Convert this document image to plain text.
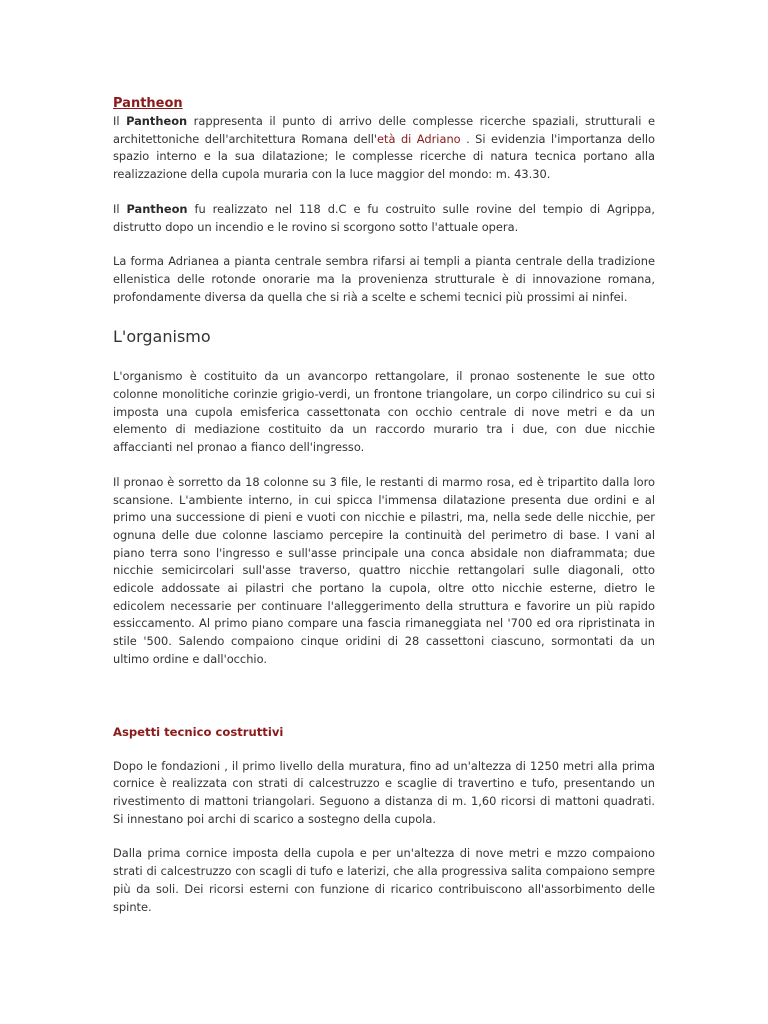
Pantheon

Il Pantheon rappresenta il punto di arrivo delle complesse ricerche spaziali, strutturali e architettoniche dell'architettura Romana dell'età di Adriano . Si evidenzia l'importanza dello spazio interno e la sua dilatazione; le complesse ricerche di natura tecnica portano alla realizzazione della cupola muraria con la luce maggior del mondo: m. 43.30.

Il Pantheon fu realizzato nel 118 d.C e fu costruito sulle rovine del tempio di Agrippa, distrutto dopo un incendio e le rovino si scorgono sotto l'attuale opera.

La forma Adrianea a pianta centrale sembra rifarsi ai templi a pianta centrale della tradizione ellenistica delle rotonde onorarie ma la provenienza strutturale è di innovazione romana, profondamente diversa da quella che si rià a scelte e schemi tecnici più prossimi ai ninfei.

L'organismo

L'organismo è costituito da un avancorpo rettangolare, il pronao sostenente le sue otto colonne monolitiche corinzie grigio-verdi, un frontone triangolare, un corpo cilindrico su cui si imposta una cupola emisferica cassettonata con occhio centrale di nove metri e da un elemento di mediazione costituito da un raccordo murario tra i due, con due nicchie affaccianti nel pronao a fianco dell'ingresso.

Il pronao è sorretto da 18 colonne su 3 file, le restanti di marmo rosa, ed è tripartito dalla loro scansione. L'ambiente interno, in cui spicca l'immensa dilatazione presenta due ordini e al primo una successione di pieni e vuoti con nicchie e pilastri, ma, nella sede delle nicchie, per ognuna delle due colonne lasciamo percepire la continuità del perimetro di base. I vani al piano terra sono l'ingresso e sull'asse principale una conca absidale non diaframmata; due nicchie semicircolari sull'asse traverso, quattro nicchie rettangolari sulle diagonali, otto edicole addossate ai pilastri che portano la cupola, oltre otto nicchie esterne, dietro le edicolem necessarie per continuare l'alleggerimento della struttura e favorire un più rapido essiccamento. Al primo piano compare una fascia rimaneggiata nel '700 ed ora ripristinata in stile '500. Salendo compaiono cinque oridini di 28 cassettoni ciascuno, sormontati da un ultimo ordine e dall'occhio.

Aspetti tecnico costruttivi

Dopo le fondazioni , il primo livello della muratura, fino ad un'altezza di 1250 metri alla prima cornice è realizzata con strati di calcestruzzo e scaglie di travertino e tufo, presentando un rivestimento di mattoni triangolari. Seguono a distanza di m. 1,60 ricorsi di mattoni quadrati. Si innestano poi archi di scarico a sostegno della cupola.

Dalla prima cornice imposta della cupola e per un'altezza di nove metri e mzzo compaiono strati di calcestruzzo con scagli di tufo e laterizi, che alla progressiva salita compaiono sempre più da soli. Dei ricorsi esterni con funzione di ricarico contribuiscono all'assorbimento delle spinte.
